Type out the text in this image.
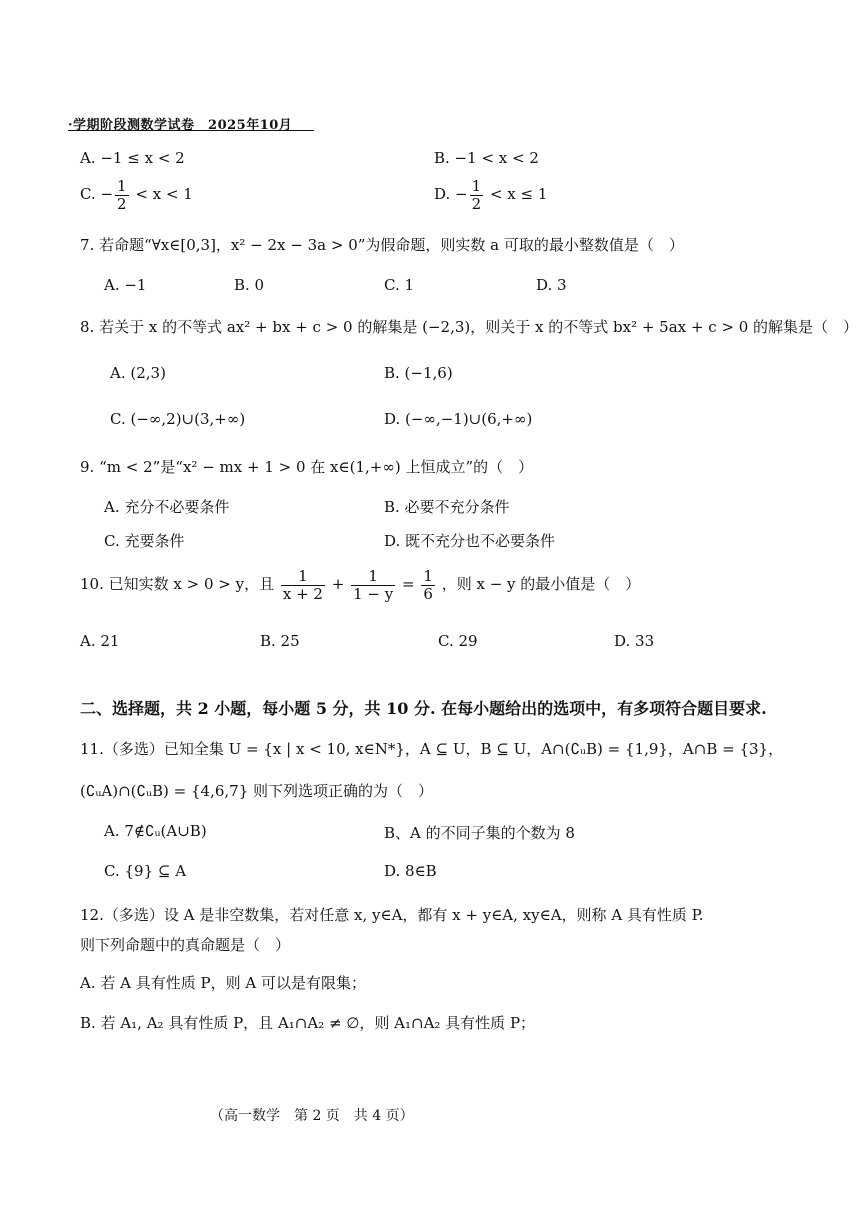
·学期阶段测数学试卷　2025年10月
A. −1 ≤ x < 2	B. −1 < x < 2
C. − $\frac{1}{2} < x < 1$	D. − $\frac{1}{2} < x \le 1$
7. 若命题“∀x∈[0,3]，x² − 2x − 3a > 0”为假命题，则实数 a 可取的最小整数值是（　）
A. −1	B. 0	C. 1	D. 3
8. 若关于 x 的不等式 ax² + bx + c > 0 的解集是 (−2,3)，则关于 x 的不等式 bx² + 5ax + c > 0 的解集是（　）
A. (2,3)	B. (−1,6)
C. (−∞,2)∪(3,+∞)	D. (−∞,−1)∪(6,+∞)
9. “m < 2”是“x² − mx + 1 > 0 在 x∈(1,+∞) 上恒成立”的（　）
A. 充分不必要条件	B. 必要不充分条件
C. 充要条件	D. 既不充分也不必要条件
10. 已知实数 x > 0 > y，且 $\frac{1}{x + 2} + \frac{1}{1 - y} = \frac{1}{6}$ ，则 x − y 的最小值是（　）
A. 21	B. 25	C. 29	D. 33
二、选择题，共 2 小题，每小题 5 分，共 10 分. 在每小题给出的选项中，有多项符合题目要求.
11.（多选）已知全集 U = {x | x < 10, x∈N*}，A ⊆ U，B ⊆ U，A∩(∁ᵤB) = {1,9}，A∩B = {3}，
(∁ᵤA)∩(∁ᵤB) = {4,6,7} 则下列选项正确的为（　）
A. 7∉∁ᵤ(A∪B)	B、A 的不同子集的个数为 8
C. {9} ⊆ A	D. 8∈B
12.（多选）设 A 是非空数集，若对任意 x, y∈A，都有 x + y∈A, xy∈A，则称 A 具有性质 P.
则下列命题中的真命题是（　）
A. 若 A 具有性质 P，则 A 可以是有限集；
B. 若 A₁, A₂ 具有性质 P，且 A₁∩A₂ ≠ ∅，则 A₁∩A₂ 具有性质 P；
（高一数学　第 2 页　共 4 页）
